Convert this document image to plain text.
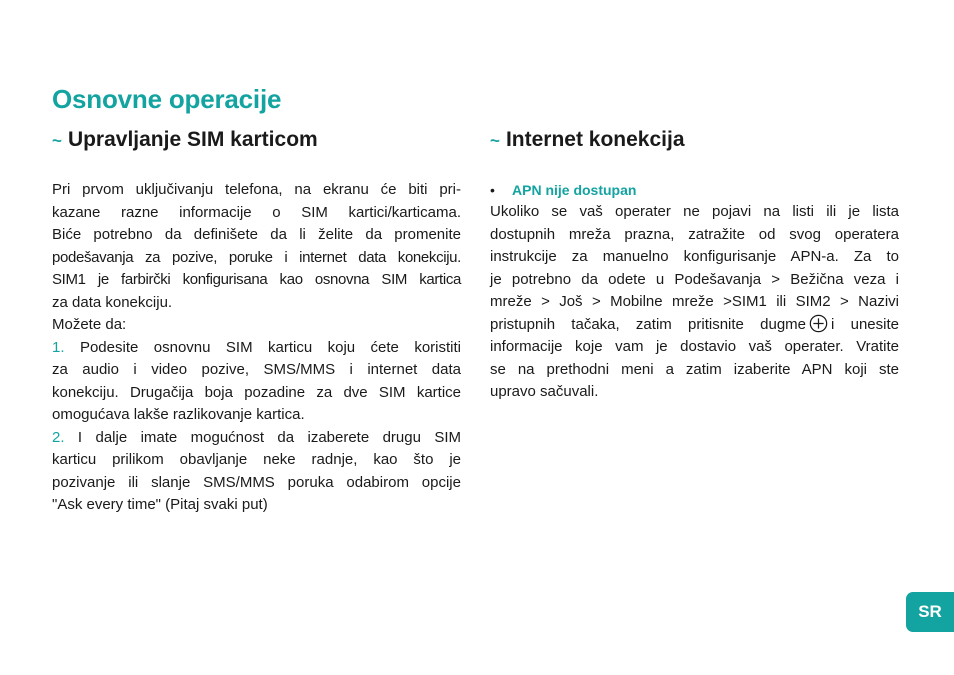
Osnovne operacije
~ Upravljanje SIM karticom
Pri prvom uključivanju telefona, na ekranu će biti pri-
kazane razne informacije o SIM kartici/karticama.
Biće potrebno da definišete da li želite da promenite
podešavanja za pozive, poruke i internet data konekciju.
SIM1 je farbirčki konfigurisana kao osnovna SIM kartica
za data konekciju.
Možete da:
1. Podesite osnovnu SIM karticu koju ćete koristiti
za audio i video pozive, SMS/MMS i internet data
konekciju. Drugačija boja pozadine za dve SIM kartice
omogućava lakše razlikovanje kartica.
2. I dalje imate mogućnost da izaberete drugu SIM
karticu prilikom obavljanje neke radnje, kao što je
pozivanje ili slanje SMS/MMS poruka odabirom opcije
"Ask every time" (Pitaj svaki put)
~ Internet konekcija
• APN nije dostupan
Ukoliko se vaš operater ne pojavi na listi ili je lista
dostupnih mreža prazna, zatražite od svog operatera
instrukcije za manuelno konfigurisanje APN-a. Za to
je potrebno da odete u Podešavanja > Bežična veza i
mreže > Još > Mobilne mreže >SIM1 ili SIM2 > Nazivi
pristupnih tačaka, zatim pritisnite dugme i unesite
informacije koje vam je dostavio vaš operater. Vratite
se na prethodni meni a zatim izaberite APN koji ste
upravo sačuvali.
SR
